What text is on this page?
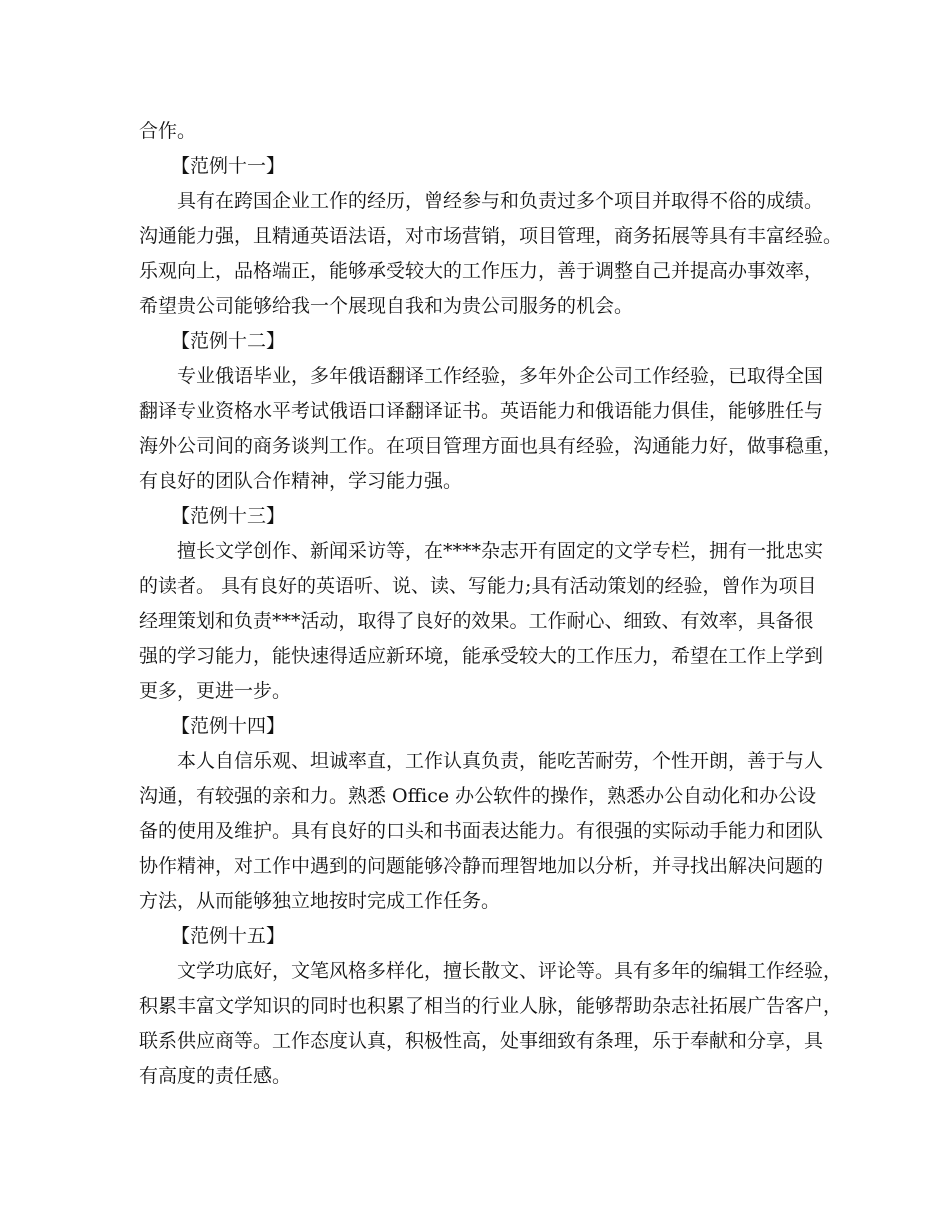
合作。
【范例十一】
具有在跨国企业工作的经历，曾经参与和负责过多个项目并取得不俗的成绩。
沟通能力强，且精通英语法语，对市场营销，项目管理，商务拓展等具有丰富经验。
乐观向上，品格端正，能够承受较大的工作压力，善于调整自己并提高办事效率，
希望贵公司能够给我一个展现自我和为贵公司服务的机会。
【范例十二】
专业俄语毕业，多年俄语翻译工作经验，多年外企公司工作经验，已取得全国
翻译专业资格水平考试俄语口译翻译证书。英语能力和俄语能力俱佳，能够胜任与
海外公司间的商务谈判工作。在项目管理方面也具有经验，沟通能力好，做事稳重，
有良好的团队合作精神，学习能力强。
【范例十三】
擅长文学创作、新闻采访等，在****杂志开有固定的文学专栏，拥有一批忠实
的读者。 具有良好的英语听、说、读、写能力;具有活动策划的经验，曾作为项目
经理策划和负责***活动，取得了良好的效果。工作耐心、细致、有效率，具备很
强的学习能力，能快速得适应新环境，能承受较大的工作压力，希望在工作上学到
更多，更进一步。
【范例十四】
本人自信乐观、坦诚率直，工作认真负责，能吃苦耐劳，个性开朗，善于与人
沟通，有较强的亲和力。熟悉 Office 办公软件的操作，熟悉办公自动化和办公设
备的使用及维护。具有良好的口头和书面表达能力。有很强的实际动手能力和团队
协作精神，对工作中遇到的问题能够冷静而理智地加以分析，并寻找出解决问题的
方法，从而能够独立地按时完成工作任务。
【范例十五】
文学功底好，文笔风格多样化，擅长散文、评论等。具有多年的编辑工作经验，
积累丰富文学知识的同时也积累了相当的行业人脉，能够帮助杂志社拓展广告客户，
联系供应商等。工作态度认真，积极性高，处事细致有条理，乐于奉献和分享，具
有高度的责任感。
